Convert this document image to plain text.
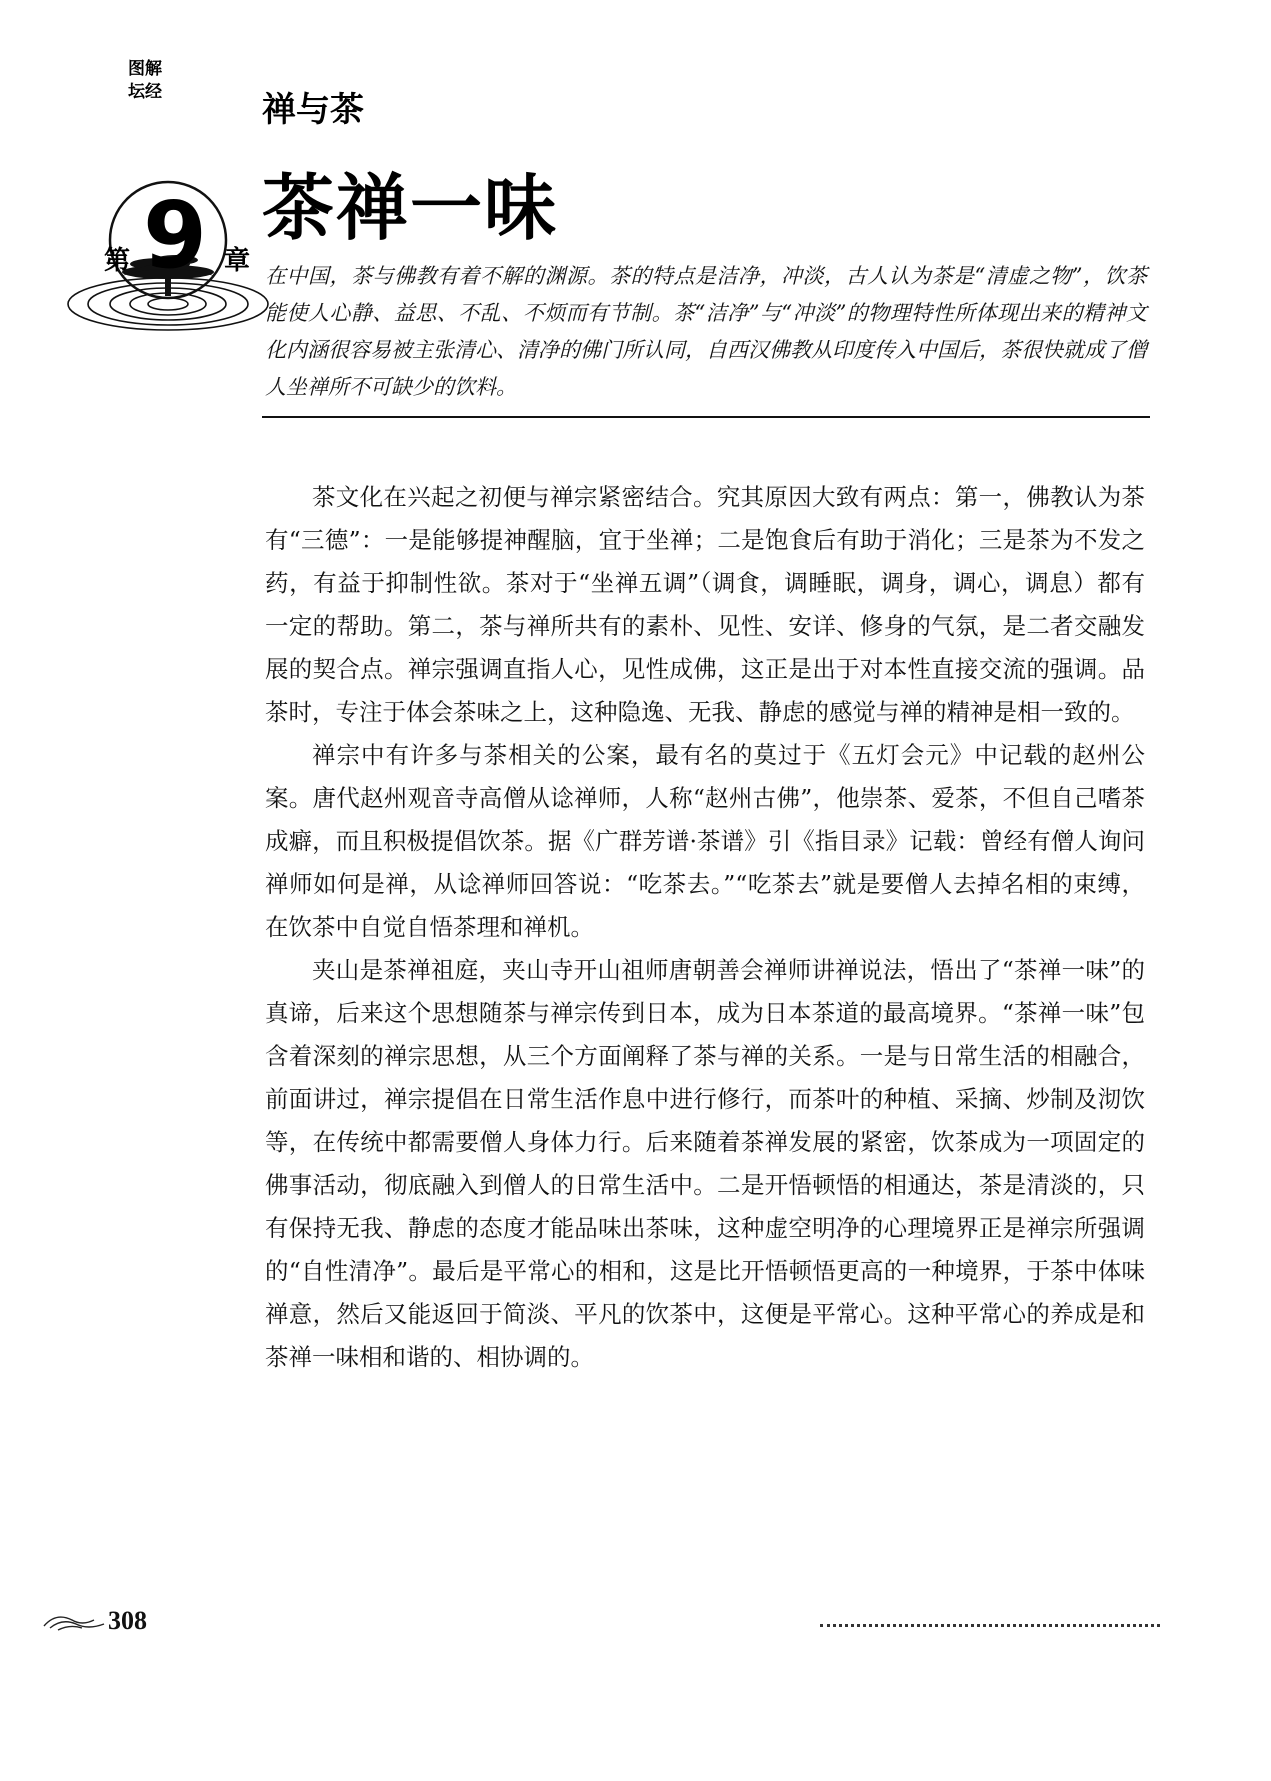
图解坛经
第 9 章
禅与茶
茶禅一味

在中国，茶与佛教有着不解的渊源。茶的特点是洁净，冲淡，古人认为茶是“清虚之物”，饮茶能使人心静、益思、不乱、不烦而有节制。茶“洁净”与“冲淡”的物理特性所体现出来的精神文化内涵很容易被主张清心、清净的佛门所认同，自西汉佛教从印度传入中国后，茶很快就成了僧人坐禅所不可缺少的饮料。

茶文化在兴起之初便与禅宗紧密结合。究其原因大致有两点：第一，佛教认为茶有“三德”：一是能够提神醒脑，宜于坐禅；二是饱食后有助于消化；三是茶为不发之药，有益于抑制性欲。茶对于“坐禅五调”（调食，调睡眠，调身，调心，调息）都有一定的帮助。第二，茶与禅所共有的素朴、见性、安详、修身的气氛，是二者交融发展的契合点。禅宗强调直指人心，见性成佛，这正是出于对本性直接交流的强调。品茶时，专注于体会茶味之上，这种隐逸、无我、静虑的感觉与禅的精神是相一致的。

禅宗中有许多与茶相关的公案，最有名的莫过于《五灯会元》中记载的赵州公案。唐代赵州观音寺高僧从谂禅师，人称“赵州古佛”，他崇茶、爱茶，不但自己嗜茶成癖，而且积极提倡饮茶。据《广群芳谱·茶谱》引《指目录》记载：曾经有僧人询问禅师如何是禅，从谂禅师回答说：“吃茶去。”“吃茶去”就是要僧人去掉名相的束缚，在饮茶中自觉自悟茶理和禅机。

夹山是茶禅祖庭，夹山寺开山祖师唐朝善会禅师讲禅说法，悟出了“茶禅一味”的真谛，后来这个思想随茶与禅宗传到日本，成为日本茶道的最高境界。“茶禅一味”包含着深刻的禅宗思想，从三个方面阐释了茶与禅的关系。一是与日常生活的相融合，前面讲过，禅宗提倡在日常生活作息中进行修行，而茶叶的种植、采摘、炒制及沏饮等，在传统中都需要僧人身体力行。后来随着茶禅发展的紧密，饮茶成为一项固定的佛事活动，彻底融入到僧人的日常生活中。二是开悟顿悟的相通达，茶是清淡的，只有保持无我、静虑的态度才能品味出茶味，这种虚空明净的心理境界正是禅宗所强调的“自性清净”。最后是平常心的相和，这是比开悟顿悟更高的一种境界，于茶中体味禅意，然后又能返回于简淡、平凡的饮茶中，这便是平常心。这种平常心的养成是和茶禅一味相和谐的、相协调的。

308
